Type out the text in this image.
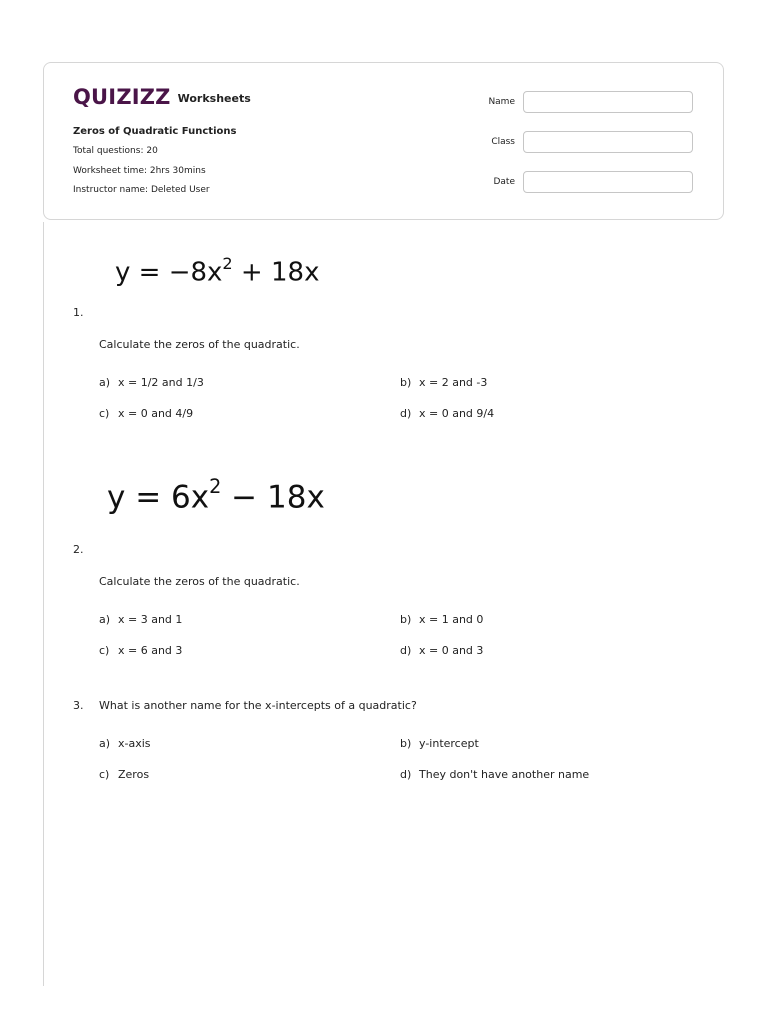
QUIZIZZ Worksheets
Zeros of Quadratic Functions
Total questions: 20
Worksheet time: 2hrs 30mins
Instructor name: Deleted User
Name
Class
Date
$y = -8x^2 + 18x$
1.
Calculate the zeros of the quadratic.
a) x = 1/2 and 1/3	b) x = 2 and -3
c) x = 0 and 4/9	d) x = 0 and 9/4
$y = 6x^2 - 18x$
2.
Calculate the zeros of the quadratic.
a) x = 3 and 1	b) x = 1 and 0
c) x = 6 and 3	d) x = 0 and 3
3. What is another name for the x-intercepts of a quadratic?
a) x-axis	b) y-intercept
c) Zeros	d) They don't have another name
